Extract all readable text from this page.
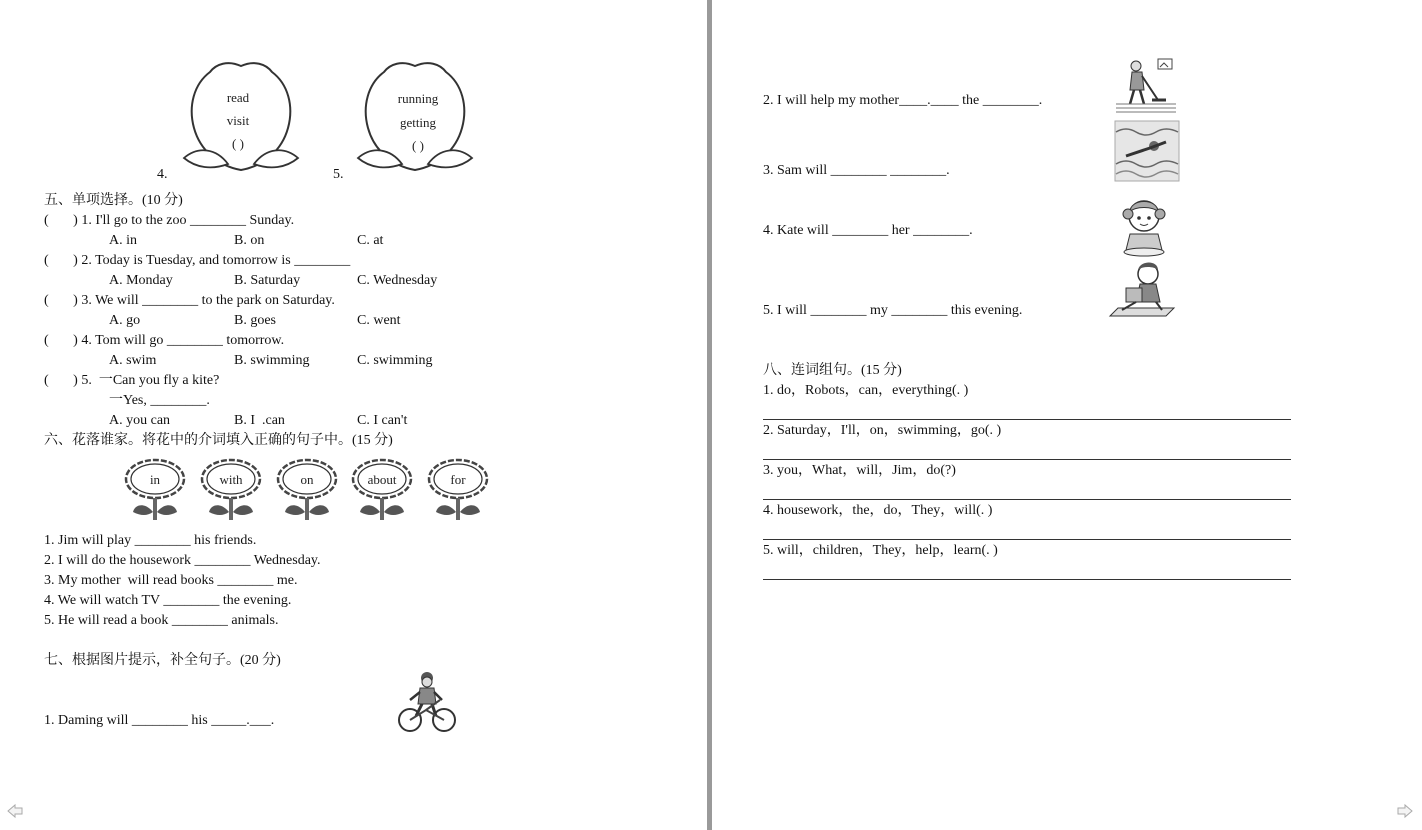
read
visit
( )
4.
running
getting
( )
5.
五、单项选择。(10 分)
(       ) 1. I'll go to the zoo ________ Sunday.
A. in	B. on	C. at
(       ) 2. Today is Tuesday, and tomorrow is ________
A. Monday	B. Saturday	C. Wednesday
(       ) 3. We will ________ to the park on Saturday.
A. go	B. goes	C. went
(       ) 4. Tom will go ________ tomorrow.
A. swim	B. swimming	C. swimming
(       ) 5.  一Can you fly a kite?
一Yes, ________.
A. you can	B. I  .can	C. I can't
六、花落谁家。将花中的介词填入正确的句子中。(15 分)
in	with	on	about	for
1. Jim will play ________ his friends.
2. I will do the housework ________ Wednesday.
3. My mother  will read books ________ me.
4. We will watch TV ________ the evening.
5. He will read a book ________ animals.
七、根据图片提示，补全句子。(20 分)
1. Daming will ________ his _____.___.
2. I will help my mother____.____ the ________.
3. Sam will ________ ________.
4. Kate will ________ her ________.
5. I will ________ my ________ this evening.
八、连词组句。(15 分)
1. do，Robots，can，everything(. )
2. Saturday，I'll，on，swimming，go(. )
3. you，What，will，Jim，do(?)
4. housework，the，do，They，will(. )
5. will，children，They，help，learn(. )
